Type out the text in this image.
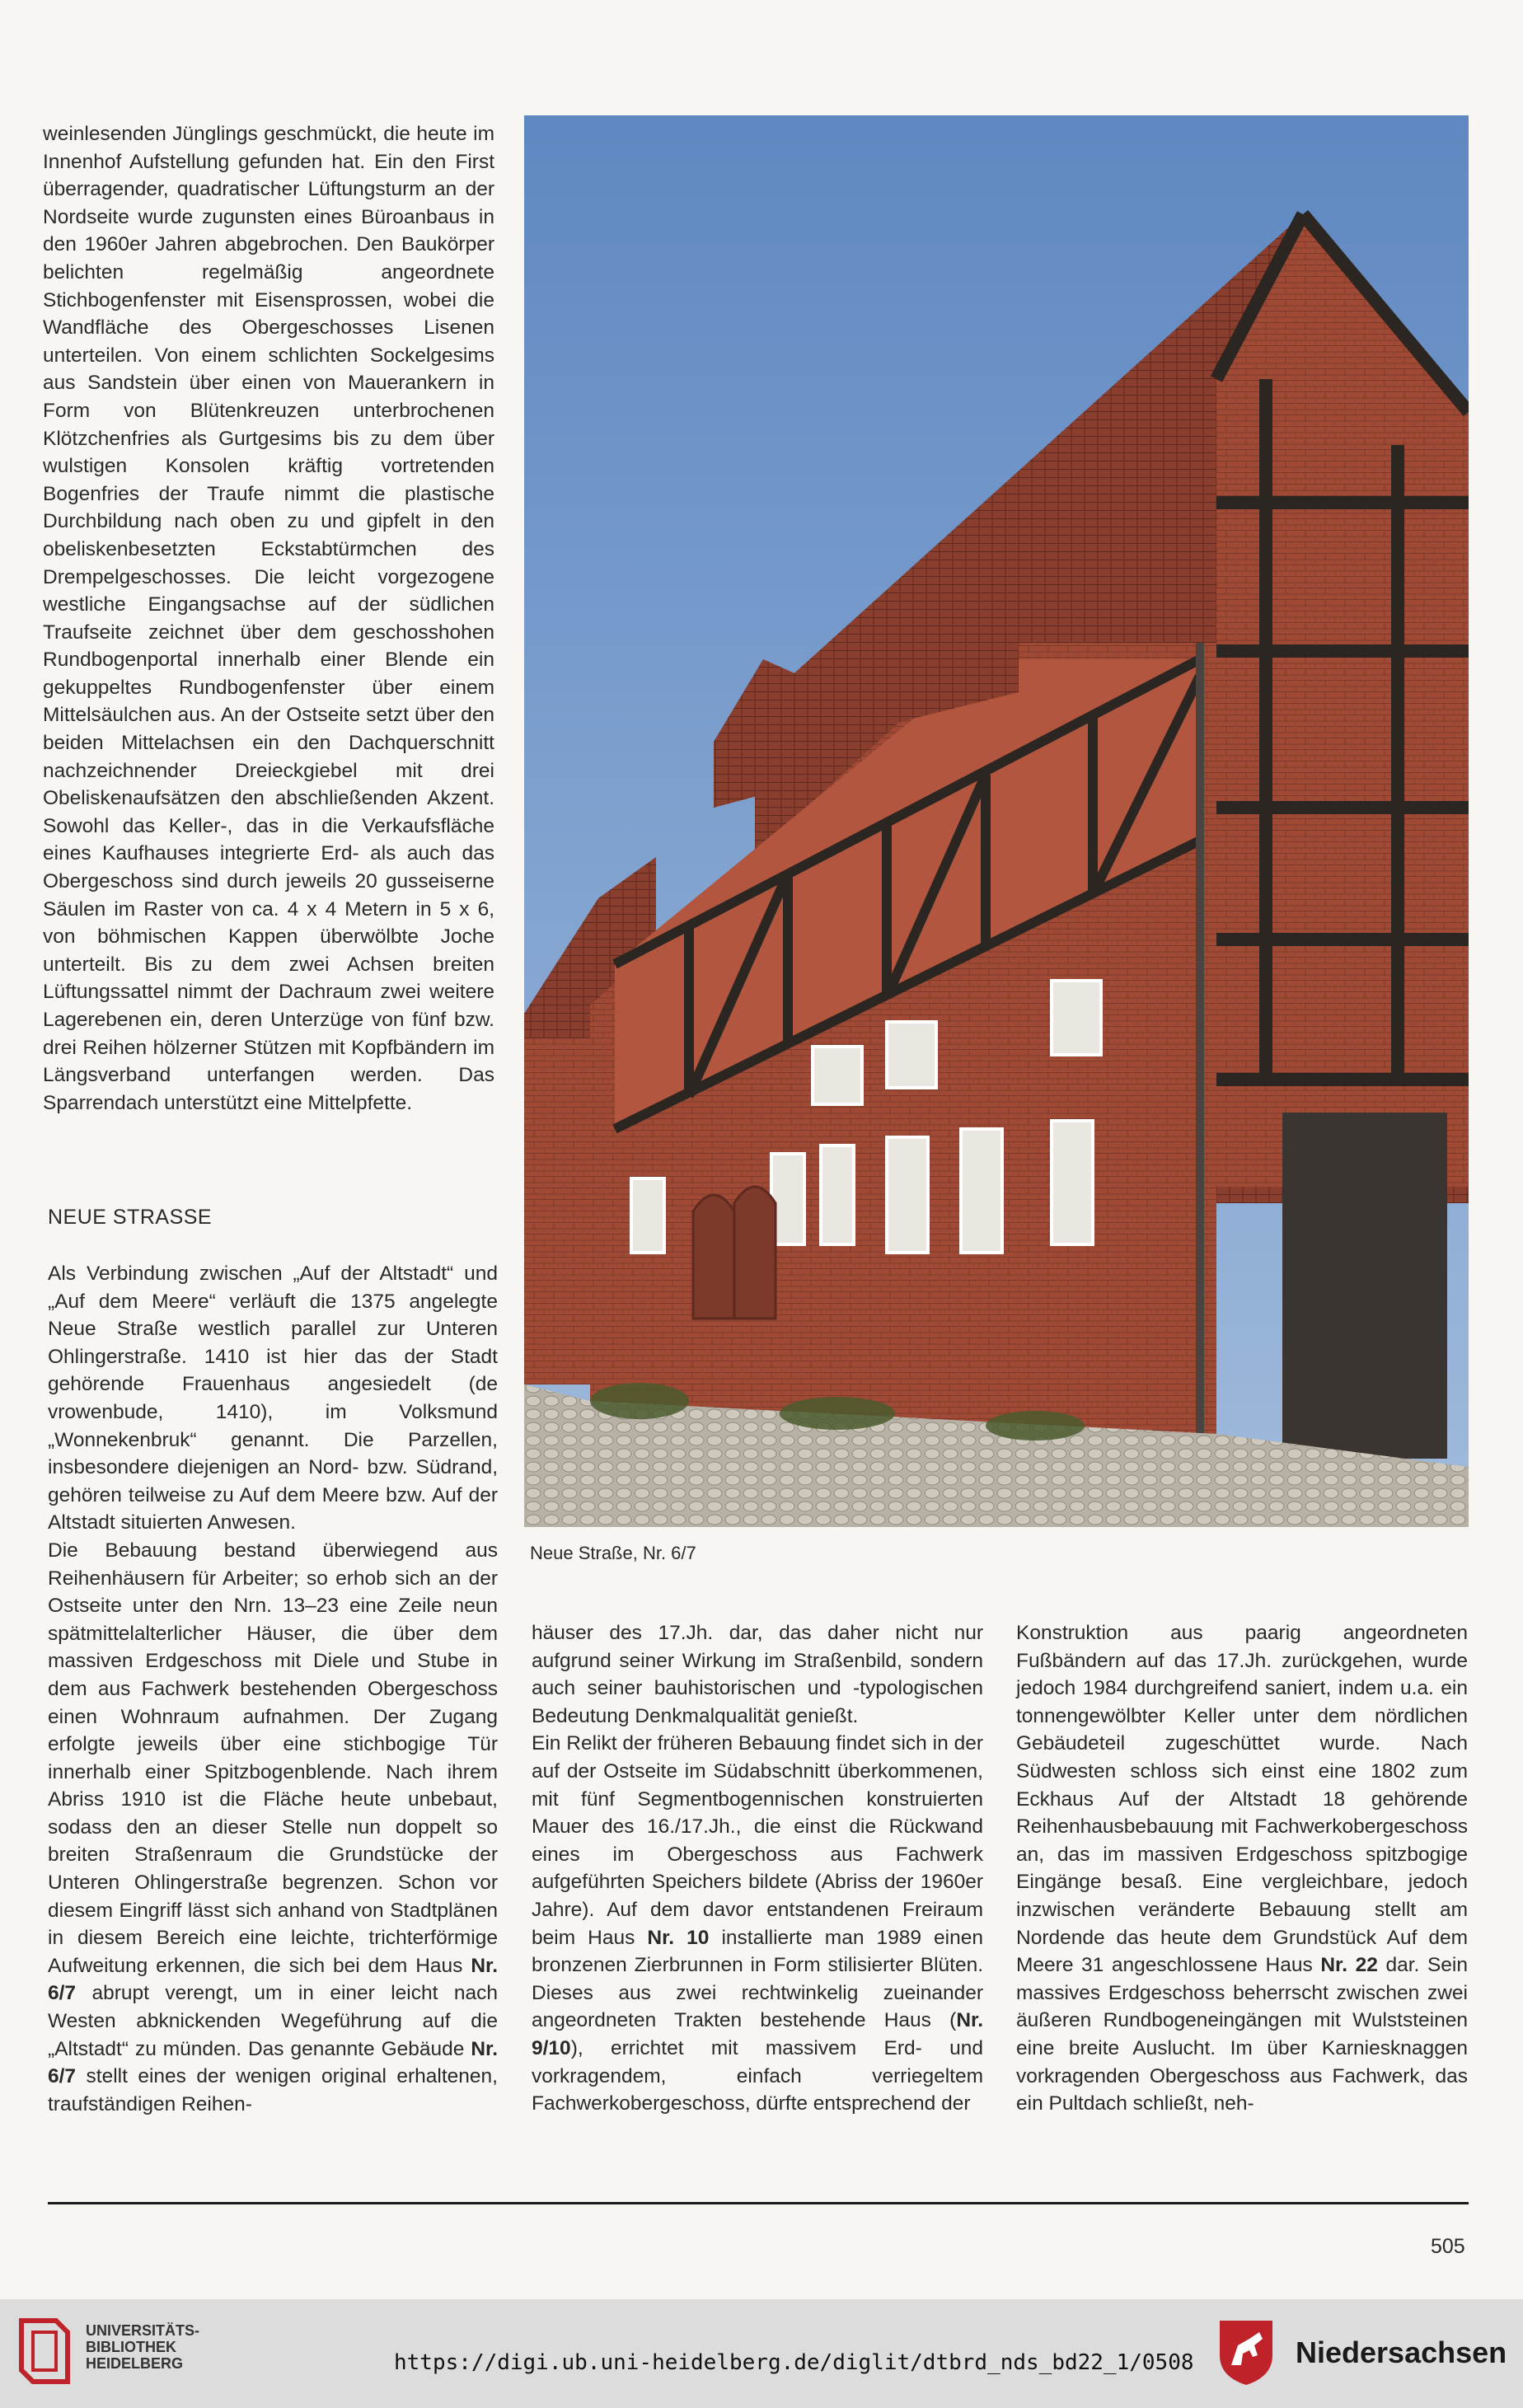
weinlesenden Jünglings geschmückt, die heute im Innenhof Aufstellung gefunden hat. Ein den First überragender, quadratischer Lüftungsturm an der Nordseite wurde zugunsten eines Büroanbaus in den 1960er Jahren abgebrochen. Den Baukörper belichten regelmäßig angeordnete Stichbogenfenster mit Eisensprossen, wobei die Wandfläche des Obergeschosses Lisenen unterteilen. Von einem schlichten Sockelgesims aus Sandstein über einen von Mauerankern in Form von Blütenkreuzen unterbrochenen Klötzchenfries als Gurtgesims bis zu dem über wulstigen Konsolen kräftig vortretenden Bogenfries der Traufe nimmt die plastische Durchbildung nach oben zu und gipfelt in den obeliskenbesetzten Eckstabtürmchen des Drempelgeschosses. Die leicht vorgezogene westliche Eingangsachse auf der südlichen Traufseite zeichnet über dem geschosshohen Rundbogenportal innerhalb einer Blende ein gekuppeltes Rundbogenfenster über einem Mittelsäulchen aus. An der Ostseite setzt über den beiden Mittelachsen ein den Dachquerschnitt nachzeichnender Dreieckgiebel mit drei Obeliskenaufsätzen den abschließenden Akzent. Sowohl das Keller-, das in die Verkaufsfläche eines Kaufhauses integrierte Erd- als auch das Obergeschoss sind durch jeweils 20 gusseiserne Säulen im Raster von ca. 4 x 4 Metern in 5 x 6, von böhmischen Kappen überwölbte Joche unterteilt. Bis zu dem zwei Achsen breiten Lüftungssattel nimmt der Dachraum zwei weitere Lagerebenen ein, deren Unterzüge von fünf bzw. drei Reihen hölzerner Stützen mit Kopfbändern im Längsverband unterfangen werden. Das Sparrendach unterstützt eine Mittelpfette.

NEUE STRASSE

Als Verbindung zwischen „Auf der Altstadt“ und „Auf dem Meere“ verläuft die 1375 angelegte Neue Straße westlich parallel zur Unteren Ohlingerstraße. 1410 ist hier das der Stadt gehörende Frauenhaus angesiedelt (de vrowenbude, 1410), im Volksmund „Wonnekenbruk“ genannt. Die Parzellen, insbesondere diejenigen an Nord- bzw. Südrand, gehören teilweise zu Auf dem Meere bzw. Auf der Altstadt situierten Anwesen.

Die Bebauung bestand überwiegend aus Reihenhäusern für Arbeiter; so erhob sich an der Ostseite unter den Nrn. 13–23 eine Zeile neun spätmittelalterlicher Häuser, die über dem massiven Erdgeschoss mit Diele und Stube in dem aus Fachwerk bestehenden Obergeschoss einen Wohnraum aufnahmen. Der Zugang erfolgte jeweils über eine stichbogige Tür innerhalb einer Spitzbogenblende. Nach ihrem Abriss 1910 ist die Fläche heute unbebaut, sodass den an dieser Stelle nun doppelt so breiten Straßenraum die Grundstücke der Unteren Ohlingerstraße begrenzen. Schon vor diesem Eingriff lässt sich anhand von Stadtplänen in diesem Bereich eine leichte, trichterförmige Aufweitung erkennen, die sich bei dem Haus Nr. 6/7 abrupt verengt, um in einer leicht nach Westen abknickenden Wegeführung auf die „Altstadt“ zu münden. Das genannte Gebäude Nr. 6/7 stellt eines der wenigen original erhaltenen, traufständigen Reihen-

Neue Straße, Nr. 6/7

häuser des 17.Jh. dar, das daher nicht nur aufgrund seiner Wirkung im Straßenbild, sondern auch seiner bauhistorischen und -typologischen Bedeutung Denkmalqualität genießt.

Ein Relikt der früheren Bebauung findet sich in der auf der Ostseite im Südabschnitt überkommenen, mit fünf Segmentbogennischen konstruierten Mauer des 16./17.Jh., die einst die Rückwand eines im Obergeschoss aus Fachwerk aufgeführten Speichers bildete (Abriss der 1960er Jahre). Auf dem davor entstandenen Freiraum beim Haus Nr. 10 installierte man 1989 einen bronzenen Zierbrunnen in Form stilisierter Blüten. Dieses aus zwei rechtwinkelig zueinander angeordneten Trakten bestehende Haus (Nr. 9/10), errichtet mit massivem Erd- und vorkragendem, einfach verriegeltem Fachwerkobergeschoss, dürfte entsprechend der

Konstruktion aus paarig angeordneten Fußbändern auf das 17.Jh. zurückgehen, wurde jedoch 1984 durchgreifend saniert, indem u.a. ein tonnengewölbter Keller unter dem nördlichen Gebäudeteil zugeschüttet wurde. Nach Südwesten schloss sich einst eine 1802 zum Eckhaus Auf der Altstadt 18 gehörende Reihenhausbebauung mit Fachwerkobergeschoss an, das im massiven Erdgeschoss spitzbogige Eingänge besaß. Eine vergleichbare, jedoch inzwischen veränderte Bebauung stellt am Nordende das heute dem Grundstück Auf dem Meere 31 angeschlossene Haus Nr. 22 dar. Sein massives Erdgeschoss beherrscht zwischen zwei äußeren Rundbogeneingängen mit Wulststeinen eine breite Auslucht. Im über Karniesknaggen vorkragenden Obergeschoss aus Fachwerk, das ein Pultdach schließt, neh-

505
UNIVERSITÄTS-
BIBLIOTHEK
HEIDELBERG	https://digi.ub.uni-heidelberg.de/diglit/dtbrd_nds_bd22_1/0508	Niedersachsen
